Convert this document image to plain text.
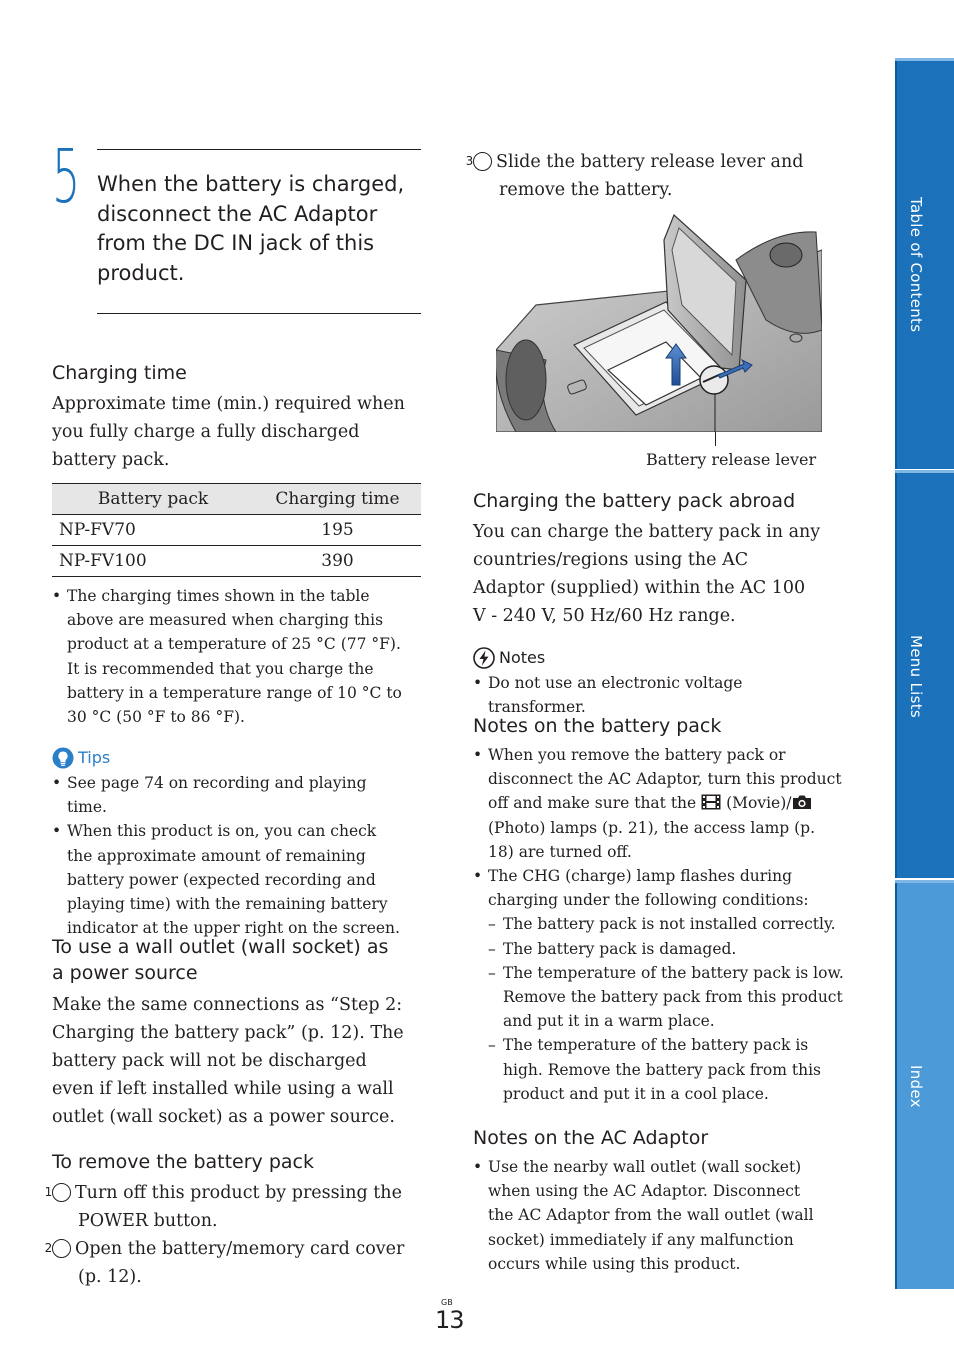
5 When the battery is charged, disconnect the AC Adaptor from the DC IN jack of this product.
Charging time

Approximate time (min.) required when you fully charge a fully discharged battery pack.

Battery pack	Charging time
NP-FV70	195
NP-FV100	390
• The charging times shown in the table above are measured when charging this product at a temperature of 25 °C (77 °F). It is recommended that you charge the battery in a temperature range of 10 °C to 30 °C (50 °F to 86 °F).
Tips
• See page 74 on recording and playing time.
• When this product is on, you can check the approximate amount of remaining battery power (expected recording and playing time) with the remaining battery indicator at the upper right on the screen.
To use a wall outlet (wall socket) as a power source

Make the same connections as “Step 2: Charging the battery pack” (p. 12). The battery pack will not be discharged even if left installed while using a wall outlet (wall socket) as a power source.

To remove the battery pack
1 Turn off this product by pressing the POWER button.
2 Open the battery/memory card cover (p. 12).
3 Slide the battery release lever and remove the battery.
Battery release lever
Charging the battery pack abroad

You can charge the battery pack in any countries/regions using the AC Adaptor (supplied) within the AC 100 V - 240 V, 50 Hz/60 Hz range.

Notes
• Do not use an electronic voltage transformer.
Notes on the battery pack
• When you remove the battery pack or disconnect the AC Adaptor, turn this product off and make sure that the (Movie)/ (Photo) lamps (p. 21), the access lamp (p. 18) are turned off.
• The CHG (charge) lamp flashes during charging under the following conditions:
– The battery pack is not installed correctly.
– The battery pack is damaged.
– The temperature of the battery pack is low. Remove the battery pack from this product and put it in a warm place.
– The temperature of the battery pack is high. Remove the battery pack from this product and put it in a cool place.
Notes on the AC Adaptor
• Use the nearby wall outlet (wall socket) when using the AC Adaptor. Disconnect the AC Adaptor from the wall outlet (wall socket) immediately if any malfunction occurs while using this product.
GB
13
Table of Contents
Menu Lists
Index
